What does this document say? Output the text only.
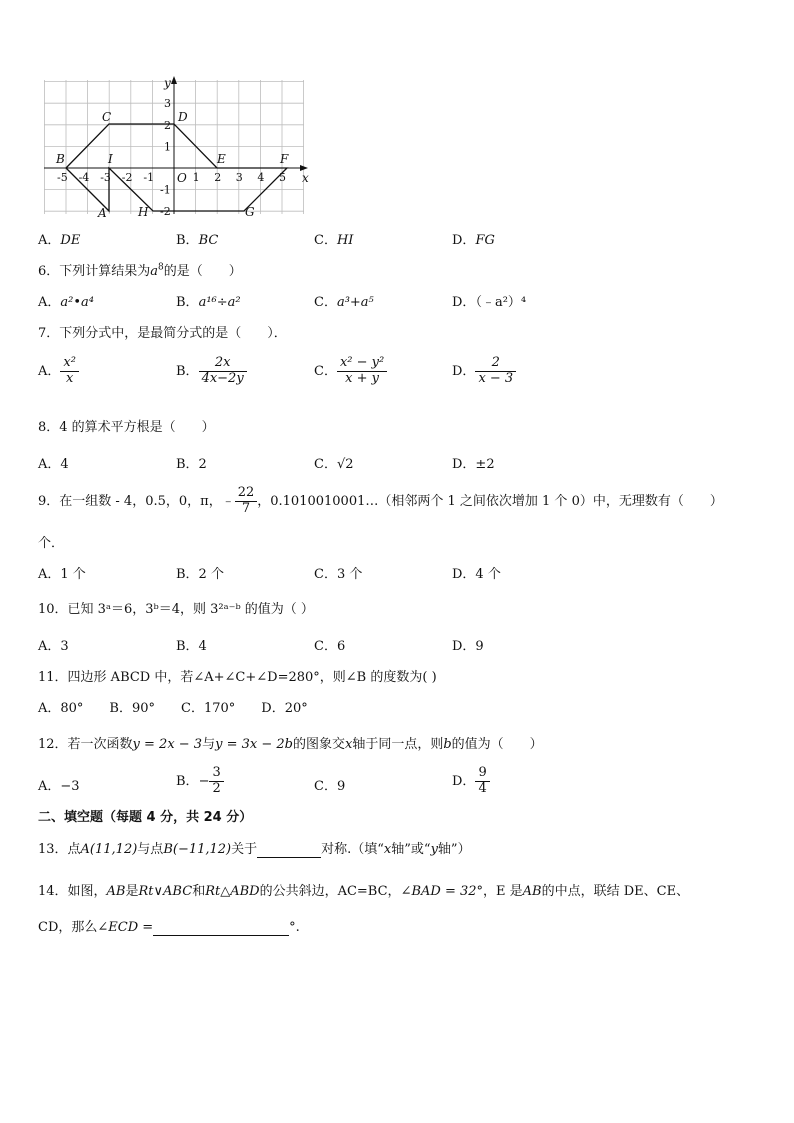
x
y
O
B	I
C	D
E	F
A	H	G
-5 -4 -3 -2 -1	1 2 3 4 5
3
2
1
-1
-2
A．DE	B．BC	C．HI	D．FG
6．下列计算结果为$a^8$的是（　　）
A．a²•a⁴	B．a¹⁶÷a²	C．a³+a⁵	D．（﹣a²）⁴
7．下列分式中，是最简分式的是（　　）．
A． $\frac{\text{x²}}{x}$	B． $\frac{2x}{4x-2y}$	C． $\frac{\text{x² − y²}}{x + y}$	D． $\frac{2}{x - 3}$
8．4 的算术平方根是（　　）
A．4	B．2	C．√2	D．±2
9．在一组数 - 4，0.5，0，π，﹣ $\frac{22}{7}$ ，0.1010010001…（相邻两个 1 之间依次增加 1 个 0）中，无理数有（　　）
个．
A．1 个	B．2 个	C．3 个	D．4 个
10．已知 3ᵃ＝6，3ᵇ＝4，则 3²ᵃ⁻ᵇ 的值为（ ）
A．3	B．4	C．6	D．9
11．四边形 ABCD 中，若∠A+∠C+∠D=280°，则∠B 的度数为( )
A．80°　　B．90°　　C．170°　　D．20°
12．若一次函数y = 2x − 3与y = 3x − 2b的图象交x轴于同一点，则b的值为（　　）
A．−3	B．− $\frac{3}{2}$	C．9	D． $\frac{9}{4}$
二、填空题（每题 4 分，共 24 分）
13．点A(11,12)与点B(−11,12)关于	对称.（填“x轴”或“y轴”）
14．如图，AB是Rt∨ABC和Rt△ABD的公共斜边，AC=BC，∠BAD = 32°，E 是AB的中点，联结 DE、CE、
CD，那么∠ECD =	°.
